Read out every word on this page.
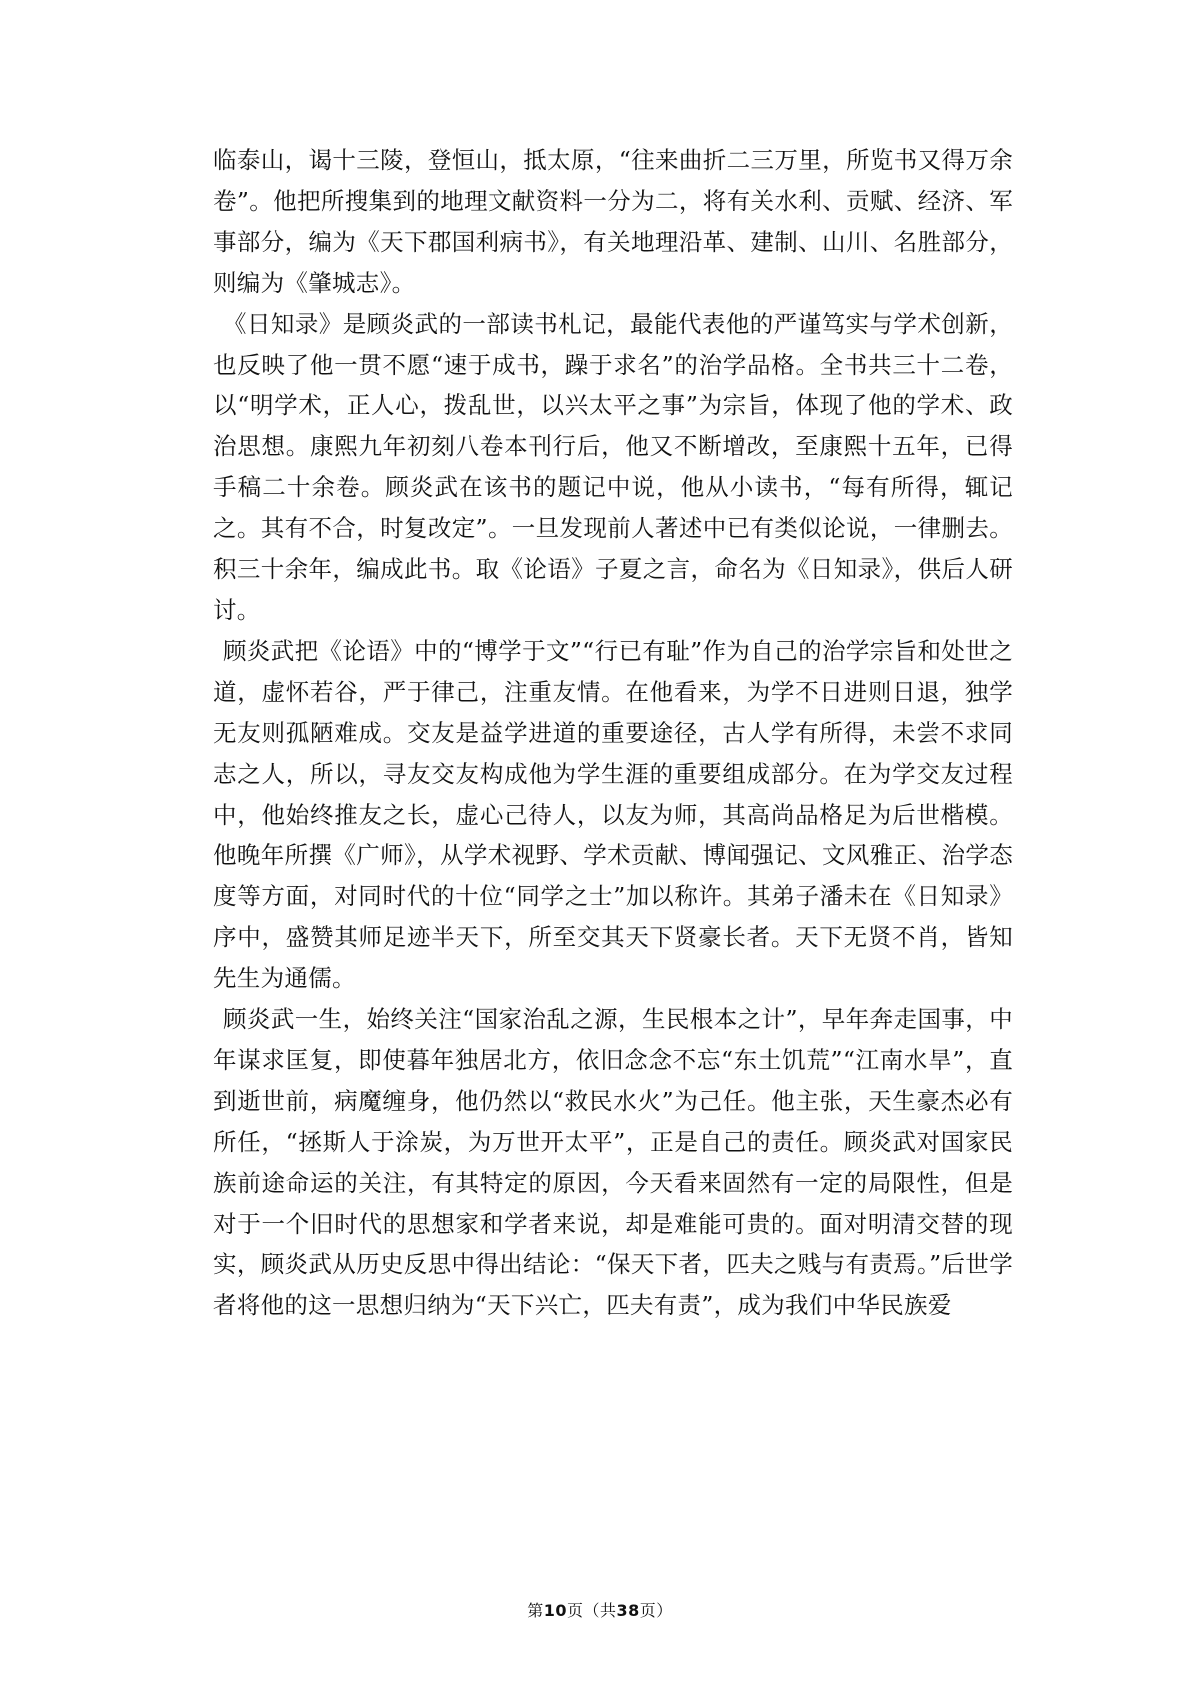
临泰山，谒十三陵，登恒山，抵太原，“往来曲折二三万里，所览书又得万余卷”。他把所搜集到的地理文献资料一分为二，将有关水利、贡赋、经济、军事部分，编为《天下郡国利病书》，有关地理沿革、建制、山川、名胜部分，则编为《肇城志》。

《日知录》是顾炎武的一部读书札记，最能代表他的严谨笃实与学术创新，也反映了他一贯不愿“速于成书，躁于求名”的治学品格。全书共三十二卷，以“明学术，正人心，拨乱世，以兴太平之事”为宗旨，体现了他的学术、政治思想。康熙九年初刻八卷本刊行后，他又不断增改，至康熙十五年，已得手稿二十余卷。顾炎武在该书的题记中说，他从小读书，“每有所得，辄记之。其有不合，时复改定”。一旦发现前人著述中已有类似论说，一律删去。积三十余年，编成此书。取《论语》子夏之言，命名为《日知录》，供后人研讨。

顾炎武把《论语》中的“博学于文”“行已有耻”作为自己的治学宗旨和处世之道，虚怀若谷，严于律己，注重友情。在他看来，为学不日进则日退，独学无友则孤陋难成。交友是益学进道的重要途径，古人学有所得，未尝不求同志之人，所以，寻友交友构成他为学生涯的重要组成部分。在为学交友过程中，他始终推友之长，虚心己待人，以友为师，其高尚品格足为后世楷模。他晚年所撰《广师》，从学术视野、学术贡献、博闻强记、文风雅正、治学态度等方面，对同时代的十位“同学之士”加以称许。其弟子潘未在《日知录》序中，盛赞其师足迹半天下，所至交其天下贤豪长者。天下无贤不肖，皆知先生为通儒。

顾炎武一生，始终关注“国家治乱之源，生民根本之计”，早年奔走国事，中年谋求匡复，即使暮年独居北方，依旧念念不忘“东土饥荒”“江南水旱”，直到逝世前，病魔缠身，他仍然以“救民水火”为己任。他主张，天生豪杰必有所任，“拯斯人于涂炭，为万世开太平”，正是自己的责任。顾炎武对国家民族前途命运的关注，有其特定的原因，今天看来固然有一定的局限性，但是对于一个旧时代的思想家和学者来说，却是难能可贵的。面对明清交替的现实，顾炎武从历史反思中得出结论：“保天下者，匹夫之贱与有责焉。”后世学者将他的这一思想归纳为“天下兴亡，匹夫有责”，成为我们中华民族爱

第10页（共38页）
